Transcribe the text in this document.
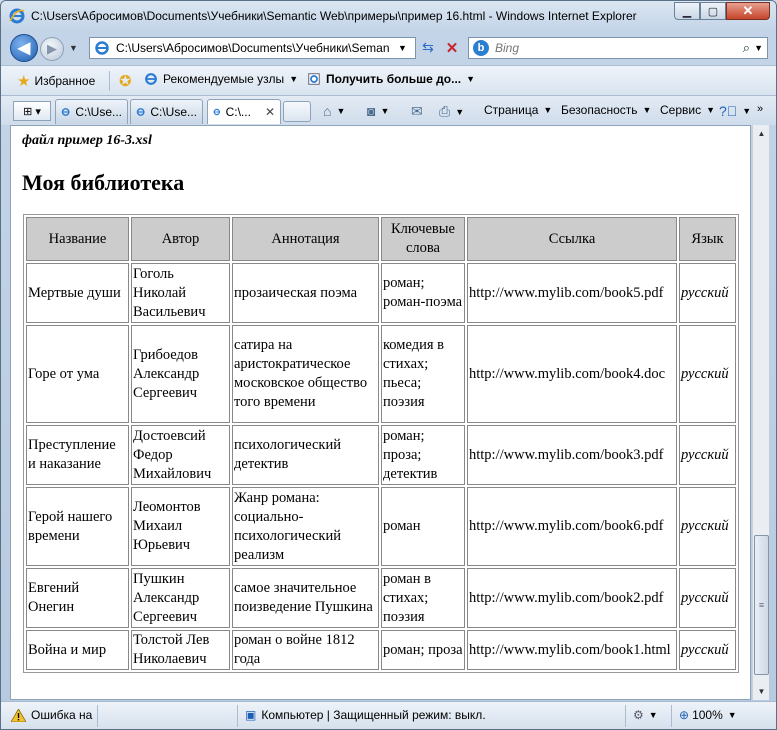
C:\Users\Абросимов\Documents\Учебники\Semantic Web\примеры\пример 16.html - Windows Internet Explorer	▁	▢	✕
◀	▶	▼	C:\Users\Абросимов\Documents\Учебники\Seman ▼ ⇆ ✕	b
Bing	⌕ ▼
★ Избранное ✪	Рекомендуемые узлы ▼ Получить больше до... ▼
⊞ ▾	C:\Use... C:\Use... C:\... ✕	⌂ ▼ ◙ ▼ ✉ ⎙ ▼ Страница ▼ Безопасность ▼ Сервис ▼ ?⃝ ▼ »
файл пример 16-3.xsl
Моя библиотека
Название	Автор	Аннотация	Ключевые слова	Ссылка	Язык
Мертвые души	Гоголь Николай Васильевич	прозаическая поэма	роман; роман-поэма	http://www.mylib.com/book5.pdf	русский
Горе от ума	Грибоедов Александр Сергеевич	сатира на аристократическое московское общество того времени	комедия в стихах; пьеса; поэзия	http://www.mylib.com/book4.doc	русский
Преступление и наказание	Достоевсий Федор Михайлович	психологический детектив	роман; проза; детектив	http://www.mylib.com/book3.pdf	русский
Герой нашего времени	Леомонтов Михаил Юрьевич	Жанр романа: социально-психологический реализм	роман	http://www.mylib.com/book6.pdf	русский
Евгений Онегин	Пушкин Александр Сергеевич	самое значительное поизведение Пушкина	роман в стихах; поэзия	http://www.mylib.com/book2.pdf	русский
Война и мир	Толстой Лев Николаевич	роман о войне 1812 года	роман; проза	http://www.mylib.com/book1.html	русский
▲
≡
▼
Ошибка на	▣ Компьютер | Защищенный режим: выкл.	⚙ ▼ ⊕ 100% ▼
